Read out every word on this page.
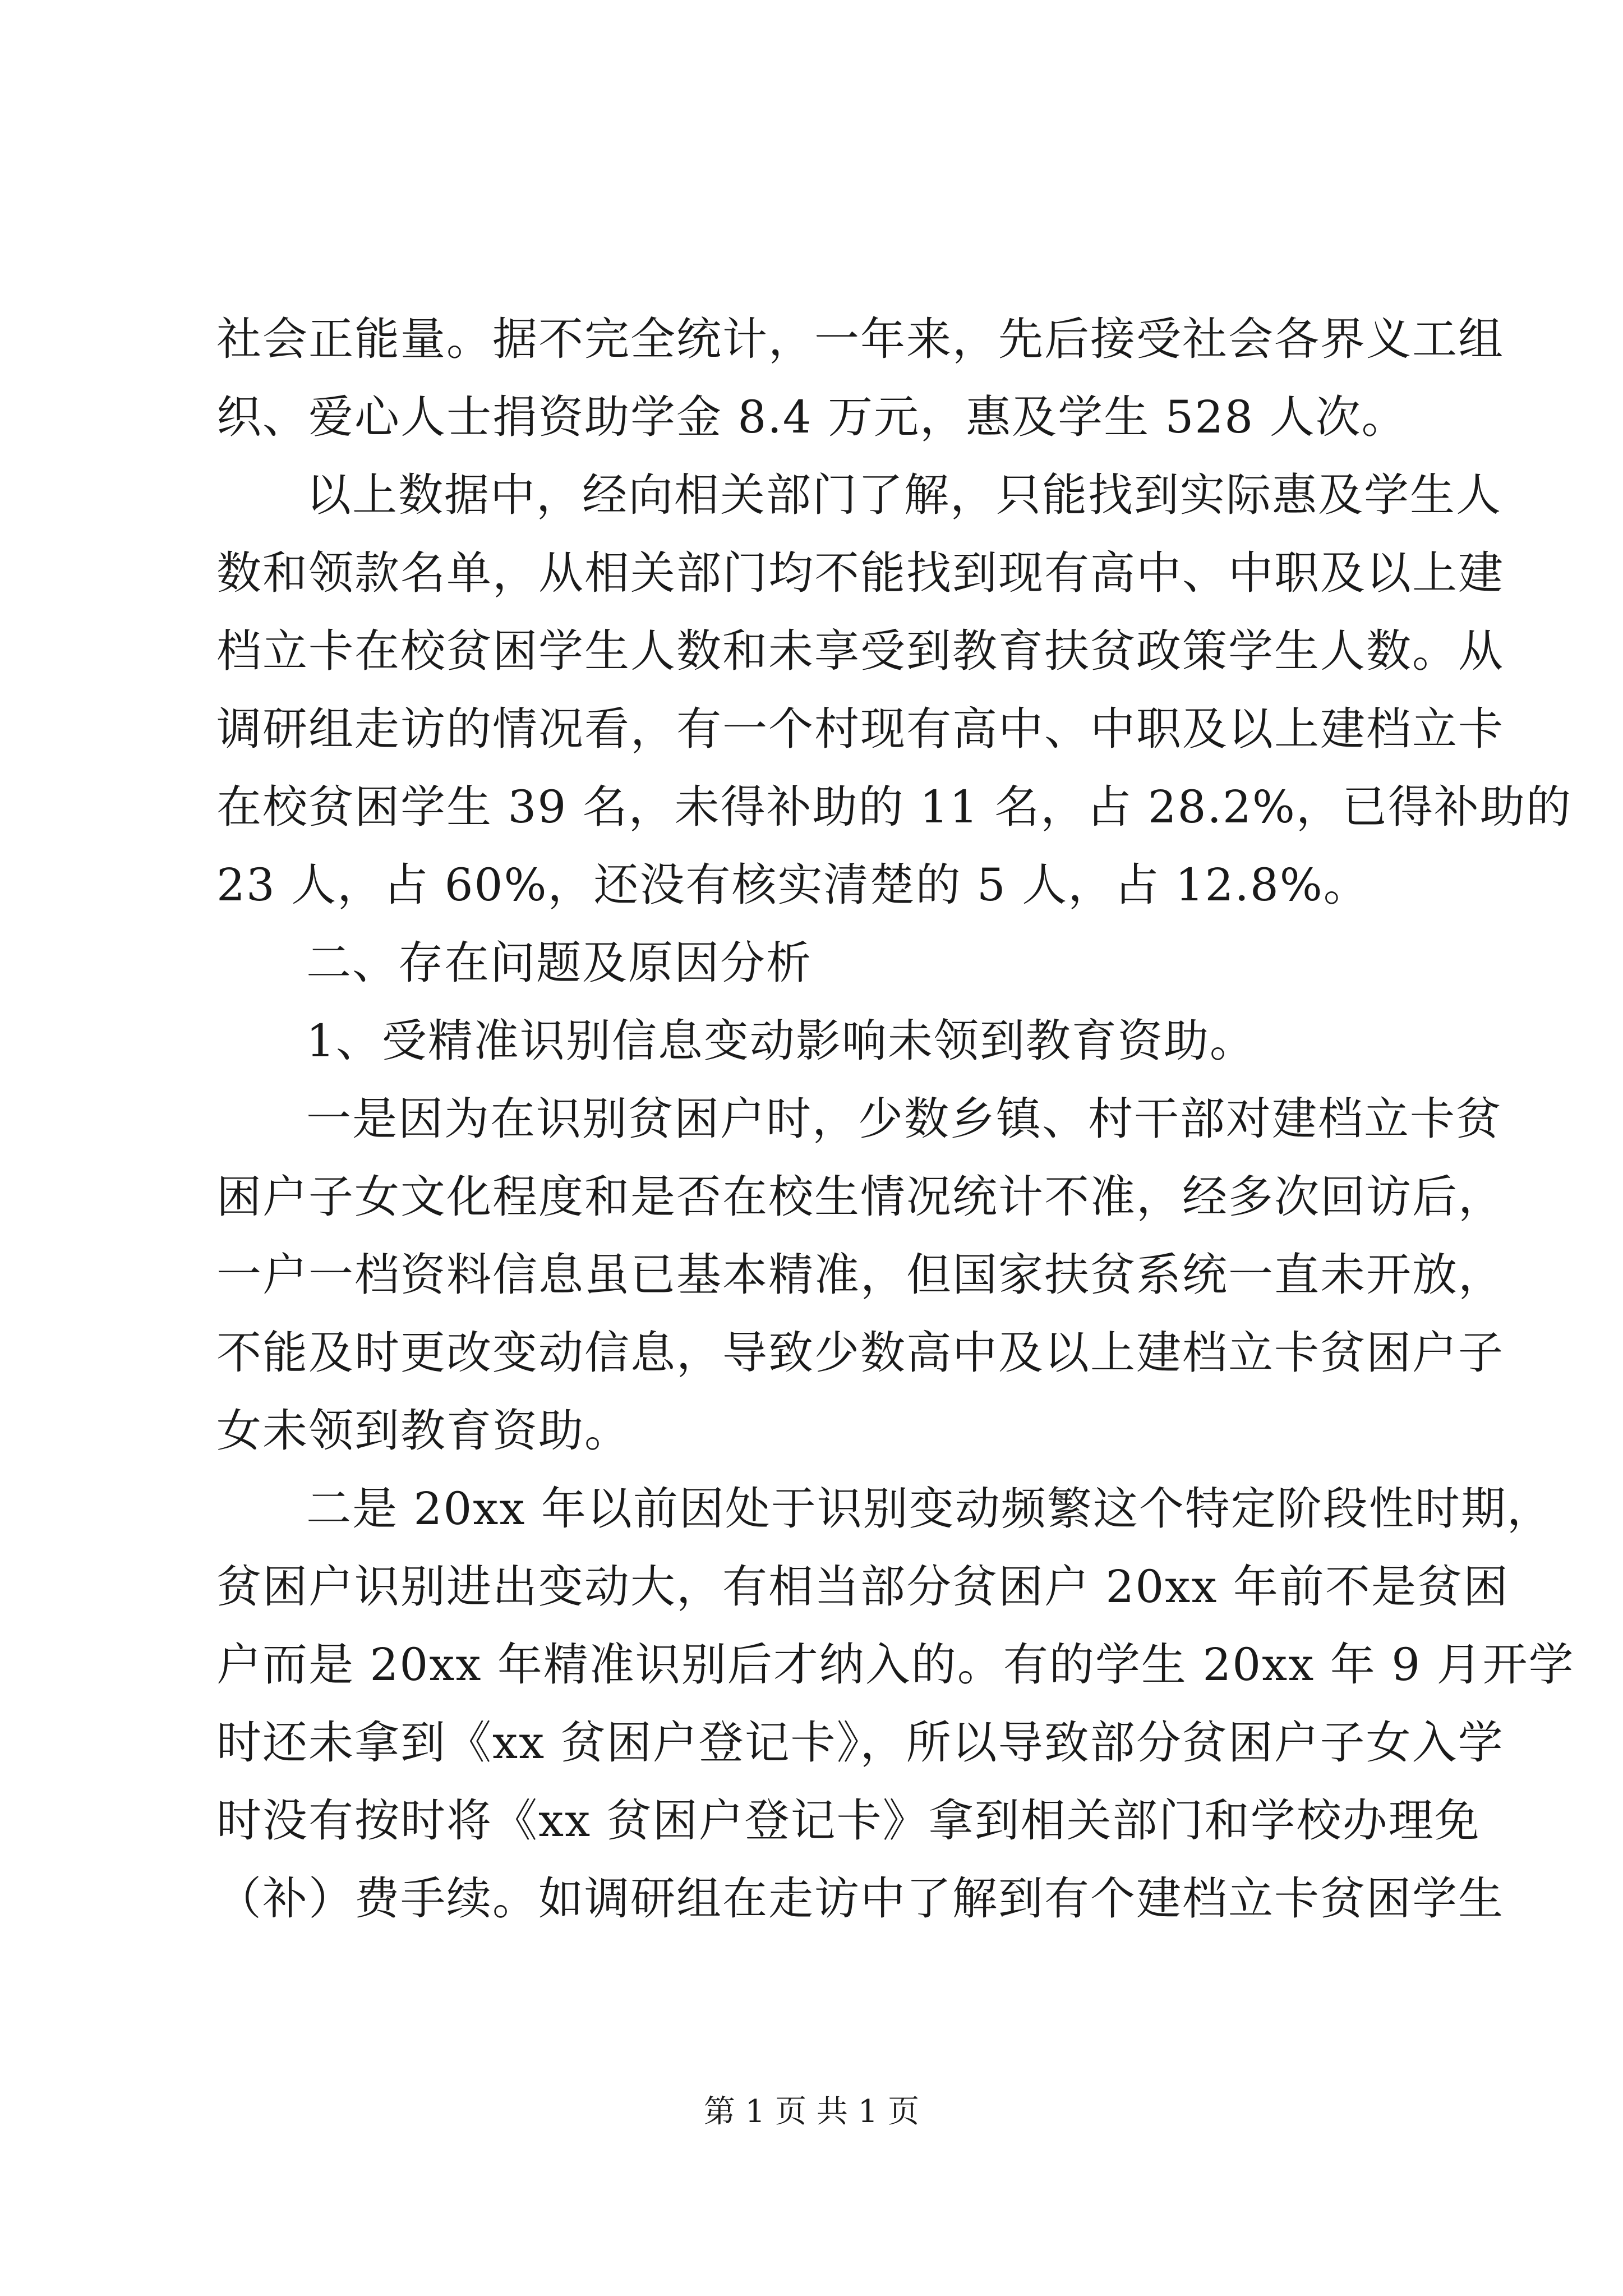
社会正能量。据不完全统计，一年来，先后接受社会各界义工组
织、爱心人士捐资助学金 8.4 万元，惠及学生 528 人次。
以上数据中，经向相关部门了解，只能找到实际惠及学生人
数和领款名单，从相关部门均不能找到现有高中、中职及以上建
档立卡在校贫困学生人数和未享受到教育扶贫政策学生人数。从
调研组走访的情况看，有一个村现有高中、中职及以上建档立卡
在校贫困学生 39 名，未得补助的 11 名，占 28.2%，已得补助的
23 人，占 60%，还没有核实清楚的 5 人，占 12.8%。
二、存在问题及原因分析
1、受精准识别信息变动影响未领到教育资助。
一是因为在识别贫困户时，少数乡镇、村干部对建档立卡贫
困户子女文化程度和是否在校生情况统计不准，经多次回访后，
一户一档资料信息虽已基本精准，但国家扶贫系统一直未开放，
不能及时更改变动信息，导致少数高中及以上建档立卡贫困户子
女未领到教育资助。
二是 20xx 年以前因处于识别变动频繁这个特定阶段性时期，
贫困户识别进出变动大，有相当部分贫困户 20xx 年前不是贫困
户而是 20xx 年精准识别后才纳入的。有的学生 20xx 年 9 月开学
时还未拿到《xx 贫困户登记卡》，所以导致部分贫困户子女入学
时没有按时将《xx 贫困户登记卡》拿到相关部门和学校办理免
（补）费手续。如调研组在走访中了解到有个建档立卡贫困学生
第 1 页 共 1 页
